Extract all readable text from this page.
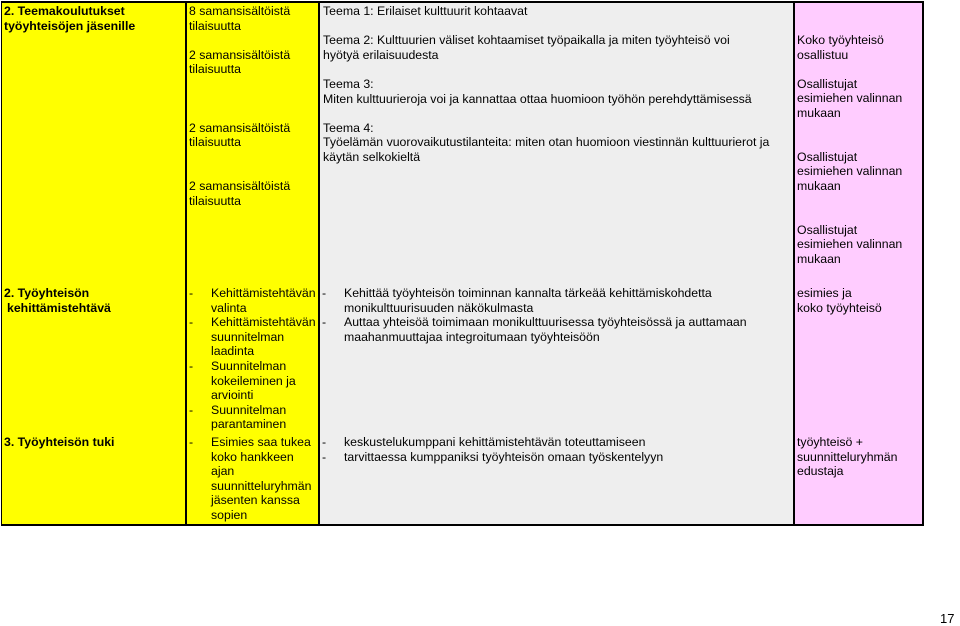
2. Teemakoulutukset

työyhteisöjen jäsenille

8 samansisältöistä

tilaisuutta

2 samansisältöistä

tilaisuutta

2 samansisältöistä

tilaisuutta

2 samansisältöistä

tilaisuutta

Teema 1: Erilaiset kulttuurit kohtaavat

Teema 2: Kulttuurien väliset kohtaamiset työpaikalla ja miten työyhteisö voi

hyötyä erilaisuudesta

Teema 3:

Miten kulttuurieroja voi ja kannattaa ottaa huomioon työhön perehdyttämisessä

Teema 4:

Työelämän vuorovaikutustilanteita: miten otan huomioon viestinnän kulttuurierot ja

käytän selkokieltä

Koko työyhteisö

osallistuu

Osallistujat

esimiehen valinnan

mukaan

Osallistujat

esimiehen valinnan

mukaan

Osallistujat

esimiehen valinnan

mukaan

2. Työyhteisön

kehittämistehtävä

- Kehittämistehtävän

valinta

- Kehittämistehtävän

suunnitelman

laadinta

- Suunnitelman

kokeileminen ja

arviointi

- Suunnitelman

parantaminen

- Kehittää työyhteisön toiminnan kannalta tärkeää kehittämiskohdetta

monikulttuurisuuden näkökulmasta

- Auttaa yhteisöä toimimaan monikulttuurisessa työyhteisössä ja auttamaan

maahanmuuttajaa integroitumaan työyhteisöön

esimies ja

koko työyhteisö

3. Työyhteisön tuki	- Esimies saa tukea

koko hankkeen

ajan

suunnitteluryhmän

jäsenten kanssa

sopien

- keskustelukumppani kehittämistehtävän toteuttamiseen

- tarvittaessa kumppaniksi työyhteisön omaan työskentelyyn

työyhteisö +

suunnitteluryhmän

edustaja

17
